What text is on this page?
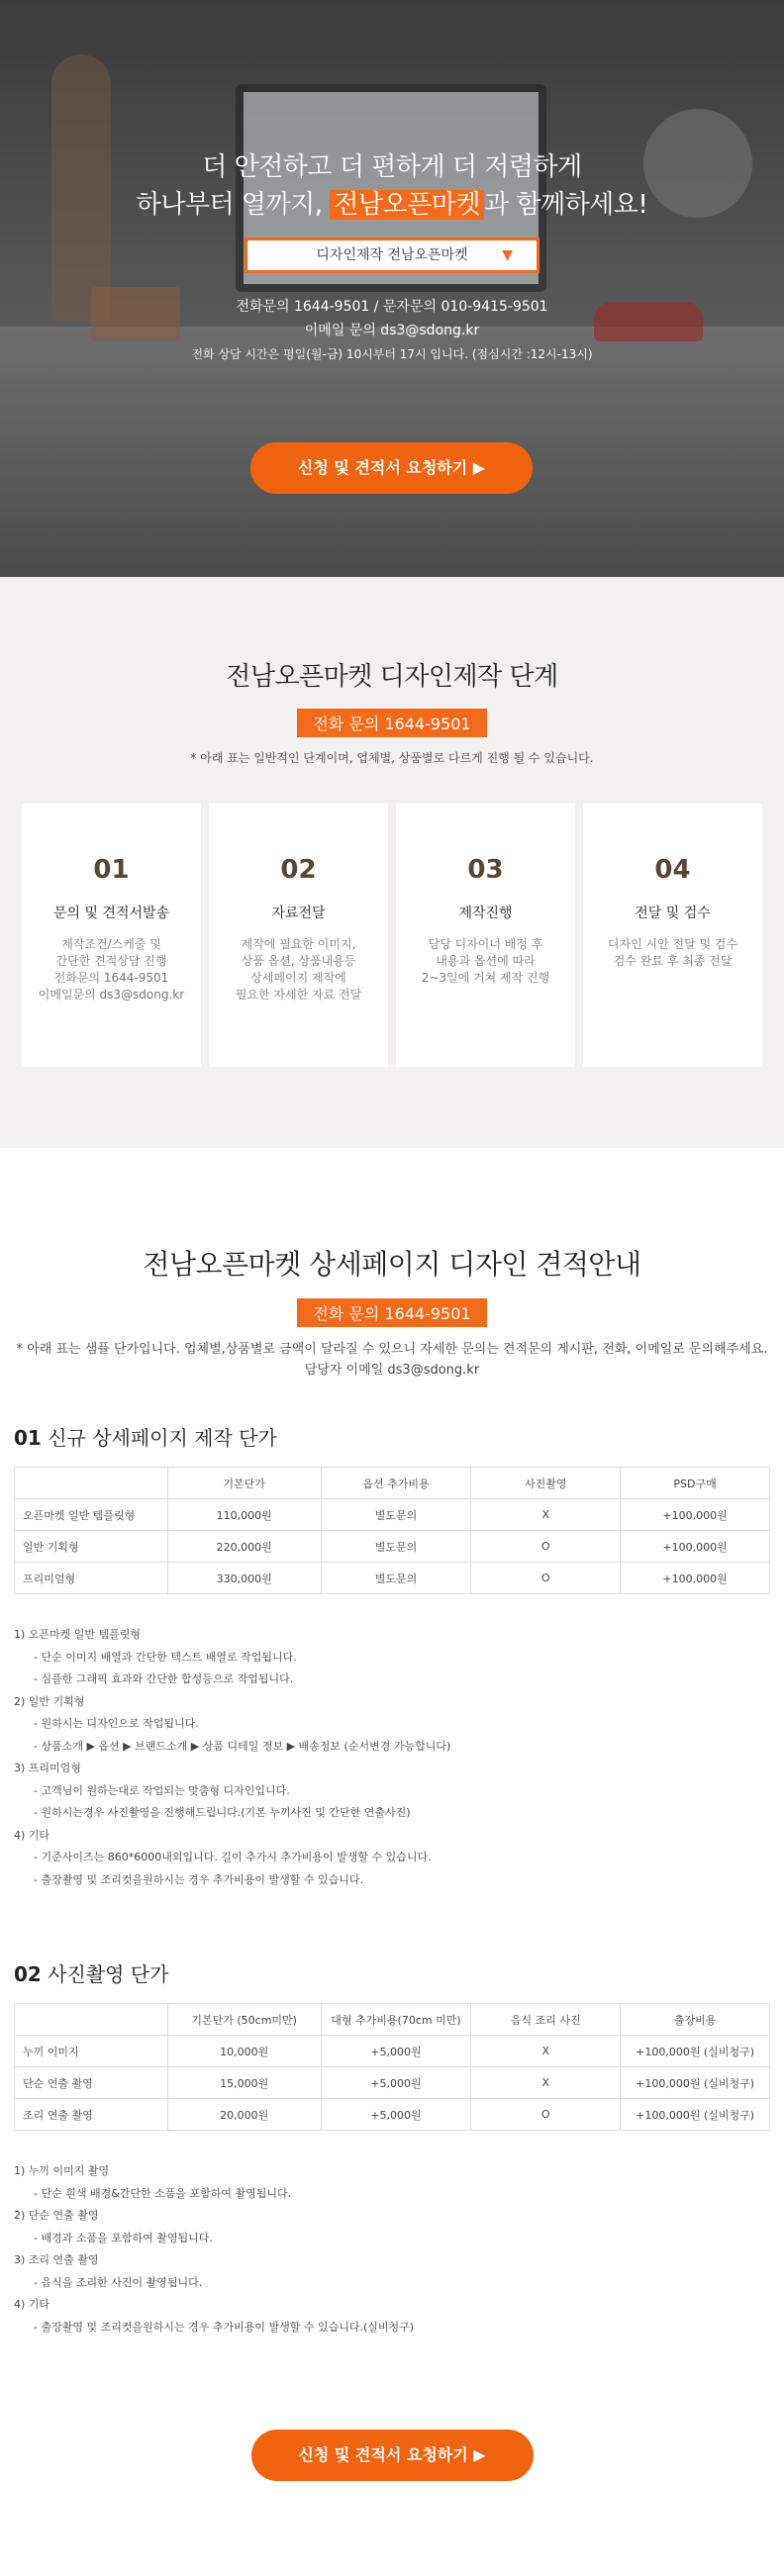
더 안전하고 더 편하게 더 저렴하게
하나부터 열까지, 전남오픈마켓 과 함께하세요!
디자인제작 전남오픈마켓 ▼
전화문의 1644-9501 / 문자문의 010-9415-9501
이메일 문의 ds3@sdong.kr
전화 상담 시간은 평일(월-금) 10시부터 17시 입니다. (점심시간 :12시-13시)
신청 및 견적서 요청하기 ▶
전남오픈마켓 디자인제작 단계
전화 문의 1644-9501

* 아래 표는 일반적인 단계이며, 업체별, 상품별로 다르게 진행 될 수 있습니다.

01
문의 및 견적서발송
제작조건/스케줄 및
간단한 견적상담 진행
전화문의 1644-9501
이메일문의 ds3@sdong.kr
02
자료전달
제작에 필요한 이미지,
상품 옵션, 상품내용등
상세페이지 제작에
필요한 자세한 자료 전달
03
제작진행
담당 디자이너 배정 후
내용과 옵션에 따라
2~3일에 거쳐 제작 진행
04
전달 및 검수
디자인 시안 전달 및 검수
검수 완료 후 최종 전달
전남오픈마켓 상세페이지 디자인 견적안내
전화 문의 1644-9501

* 아래 표는 샘플 단가입니다. 업체별,상품별로 금액이 달라질 수 있으니 자세한 문의는 견적문의 게시판, 전화, 이메일로 문의해주세요.
담당자 이메일 ds3@sdong.kr

01 신규 상세페이지 제작 단가
	기본단가	옵션 추가비용	사진촬영	PSD구매
오픈마켓 일반 템플릿형	110,000원	별도문의	X	+100,000원
일반 기획형	220,000원	별도문의	O	+100,000원
프리미엄형	330,000원	별도문의	O	+100,000원
1) 오픈마켓 일반 템플릿형
- 단순 이미지 배열과 간단한 텍스트 배열로 작업됩니다.
- 심플한 그래픽 효과와 간단한 합성등으로 작업됩니다.
2) 일반 기획형
- 원하시는 디자인으로 작업됩니다.
- 상품소개 ▶ 옵션 ▶ 브랜드소개 ▶ 상품 디테일 정보 ▶ 배송정보 (순서변경 가능합니다)
3) 프리미엄형
- 고객님이 원하는대로 작업되는 맞춤형 디자인입니다.
- 원하시는경우 사진촬영을 진행해드립니다.(기본 누끼사진 및 간단한 연출사진)
4) 기타
- 기준사이즈는 860*6000내외입니다. 길이 추가시 추가비용이 발생할 수 있습니다.
- 출장촬영 및 조리컷을원하시는 경우 추가비용이 발생할 수 있습니다.
02 사진촬영 단가
	기본단가 (50cm미만)	대형 추가비용(70cm 미만)	음식 조리 사진	출장비용
누끼 이미지	10,000원	+5,000원	X	+100,000원 (실비청구)
단순 연출 촬영	15,000원	+5,000원	X	+100,000원 (실비청구)
조리 연출 촬영	20,000원	+5,000원	O	+100,000원 (실비청구)
1) 누끼 이미지 촬영
- 단순 흰색 배경&간단한 소품을 포함하여 촬영됩니다.
2) 단순 연출 촬영
- 배경과 소품을 포함하여 촬영됩니다.
3) 조리 연출 촬영
- 음식을 조리한 사진이 촬영됩니다.
4) 기타
- 출장촬영 및 조리컷을원하시는 경우 추가비용이 발생할 수 있습니다.(실비청구)
신청 및 견적서 요청하기 ▶
